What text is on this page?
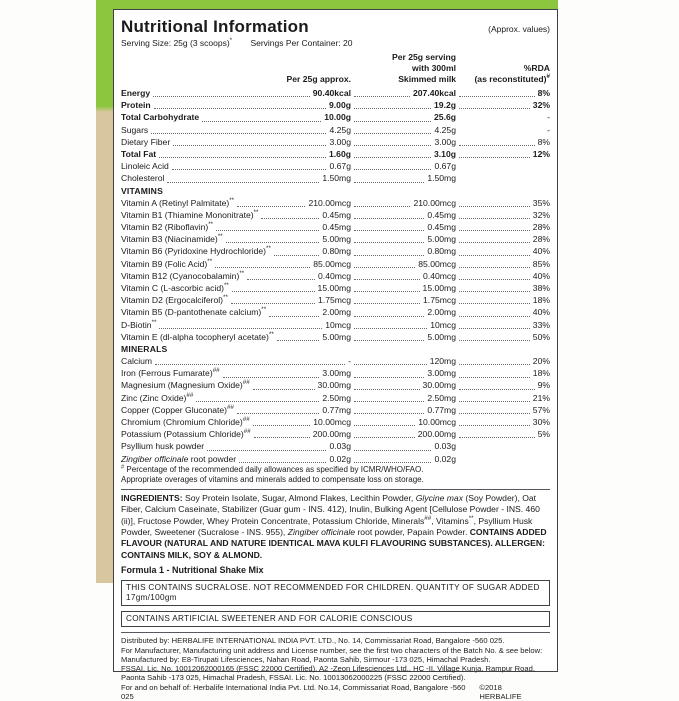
Nutritional Information	(Approx. values)
Serving Size: 25g (3 scoops)* Servings Per Container: 20
Per 25g serving
with 300ml	%RDA
Per 25g approx.	Skimmed milk	(as reconstituted)#
Energy	90.40kcal	207.40kcal	8%
Protein	9.00g	19.2g	32%
Total Carbohydrate	10.00g	25.6g	-
Sugars	4.25g	4.25g	-
Dietary Fiber	3.00g	3.00g	8%
Total Fat	1.60g	3.10g	12%
Linoleic Acid	0.67g	0.67g
Cholesterol	1.50mg	1.50mg
VITAMINS
Vitamin A (Retinyl Palmitate)**	210.00mcg	210.00mcg	35%
Vitamin B1 (Thiamine Mononitrate)**	0.45mg	0.45mg	32%
Vitamin B2 (Riboflavin)**	0.45mg	0.45mg	28%
Vitamin B3 (Niacinamide)**	5.00mg	5.00mg	28%
Vitamin B6 (Pyridoxine Hydrochloride)**	0.80mg	0.80mg	40%
Vitamin B9 (Folic Acid)**	85.00mcg	85.00mcg	85%
Vitamin B12 (Cyanocobalamin)**	0.40mcg	0.40mcg	40%
Vitamin C (L-ascorbic acid)**	15.00mg	15.00mg	38%
Vitamin D2 (Ergocalciferol)**	1.75mcg	1.75mcg	18%
Vitamin B5 (D-pantothenate calcium)**	2.00mg	2.00mg	40%
D-Biotin**	10mcg	10mcg	33%
Vitamin E (dl-alpha tocopheryl acetate)**	5.00mg	5.00mg	50%
MINERALS
Calcium	-	120mg	20%
Iron (Ferrous Fumarate)##	3.00mg	3.00mg	18%
Magnesium (Magnesium Oxide)##	30.00mg	30.00mg	9%
Zinc (Zinc Oxide)##	2.50mg	2.50mg	21%
Copper (Copper Gluconate)##	0.77mg	0.77mg	57%
Chromium (Chromium Chloride)##	10.00mcg	10.00mcg	30%
Potassium (Potassium Chloride)##	200.00mg	200.00mg	5%
Psyllium husk powder	0.03g	0.03g
Zingiber officinale root powder	0.02g	0.02g
# Percentage of the recommended daily allowances as specified by ICMR/WHO/FAO.
Appropriate overages of vitamins and minerals added to compensate loss on storage.
INGREDIENTS: Soy Protein Isolate, Sugar, Almond Flakes, Lecithin Powder, Glycine max (Soy Powder), Oat Fiber, Calcium Caseinate, Stabilizer (Guar gum - INS. 412), Inulin, Bulking Agent [Cellulose Powder - INS. 460 (ii)], Fructose Powder, Whey Protein Concentrate, Potassium Chloride, Minerals##, Vitamins**, Psyllium Husk Powder, Sweetener (Sucralose - INS. 955), Zingiber officinale root powder, Papain Powder. CONTAINS ADDED FLAVOUR (NATURAL AND NATURE IDENTICAL MAVA KULFI FLAVOURING SUBSTANCES). ALLERGEN: CONTAINS MILK, SOY & ALMOND.
Formula 1 - Nutritional Shake Mix
THIS CONTAINS SUCRALOSE. NOT RECOMMENDED FOR CHILDREN. QUANTITY OF SUGAR ADDED 17gm/100gm
CONTAINS ARTIFICIAL SWEETENER AND FOR CALORIE CONSCIOUS
Distributed by: HERBALIFE INTERNATIONAL INDIA PVT. LTD., No. 14, Commissariat Road, Bangalore -560 025.
For Manufacturer, Manufacturing unit address and License number, see the first two characters of the Batch No. & see below:
Manufactured by: E8-Tirupati Lifesciences, Nahan Road, Paonta Sahib, Sirmour -173 025, Himachal Pradesh.
FSSAI. Lic. No. 10012062000165 (FSSC 22000 Certified). A2 -Zeon Lifesciences Ltd., HC -II, Village Kunja, Rampur Road,
Paonta Sahib -173 025, Himachal Pradesh, FSSAI. Lic. No. 10013062000225 (FSSC 22000 Certified).
For and on behalf of: Herbalife International India Pvt. Ltd. No.14, Commissariat Road, Bangalore -560 025
©2018 HERBALIFE
